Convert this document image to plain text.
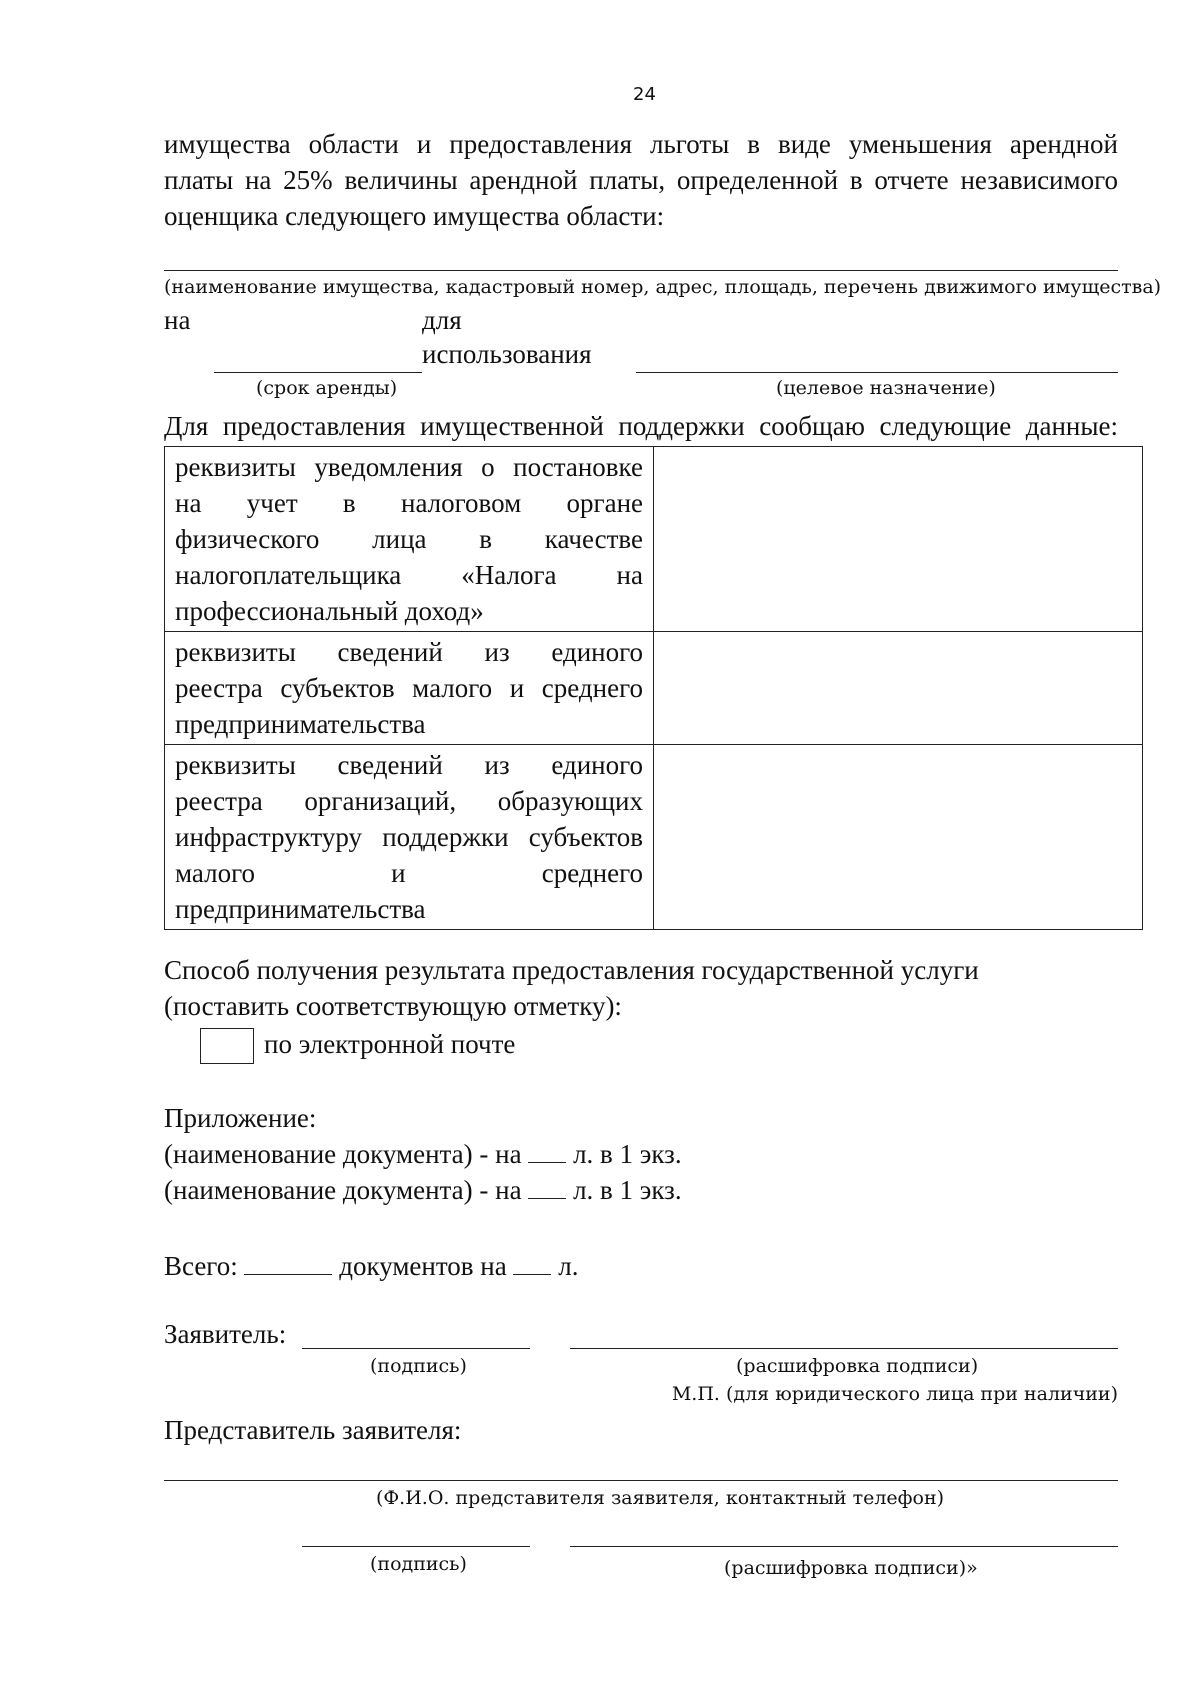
24
имущества области и предоставления льготы в виде уменьшения арендной
платы на 25% величины арендной платы, определенной в отчете независимого
оценщика следующего имущества области:
(наименование имущества, кадастровый номер, адрес, площадь, перечень движимого имущества)
на	для
использования
(срок аренды)	(целевое назначение)
Для предоставления имущественной поддержки сообщаю следующие данные:
реквизиты уведомления о постановке
на учет в налоговом органе
физического лица в качестве
налогоплательщика «Налога на
профессиональный доход»	

реквизиты сведений из единого
реестра субъектов малого и среднего
предпринимательства	

реквизиты сведений из единого
реестра организаций, образующих
инфраструктуру поддержки субъектов
малого и среднего
предпринимательства	

Способ получения результата предоставления государственной услуги
(поставить соответствующую отметку):
по электронной почте
Приложение:
(наименование документа) - на л. в 1 экз.
(наименование документа) - на л. в 1 экз.
Всего:	документов на л.
Заявитель:
(подпись)	(расшифровка подписи)
М.П. (для юридического лица при наличии)
Представитель заявителя:
(Ф.И.О. представителя заявителя, контактный телефон)
(подпись)	(расшифровка подписи)»
